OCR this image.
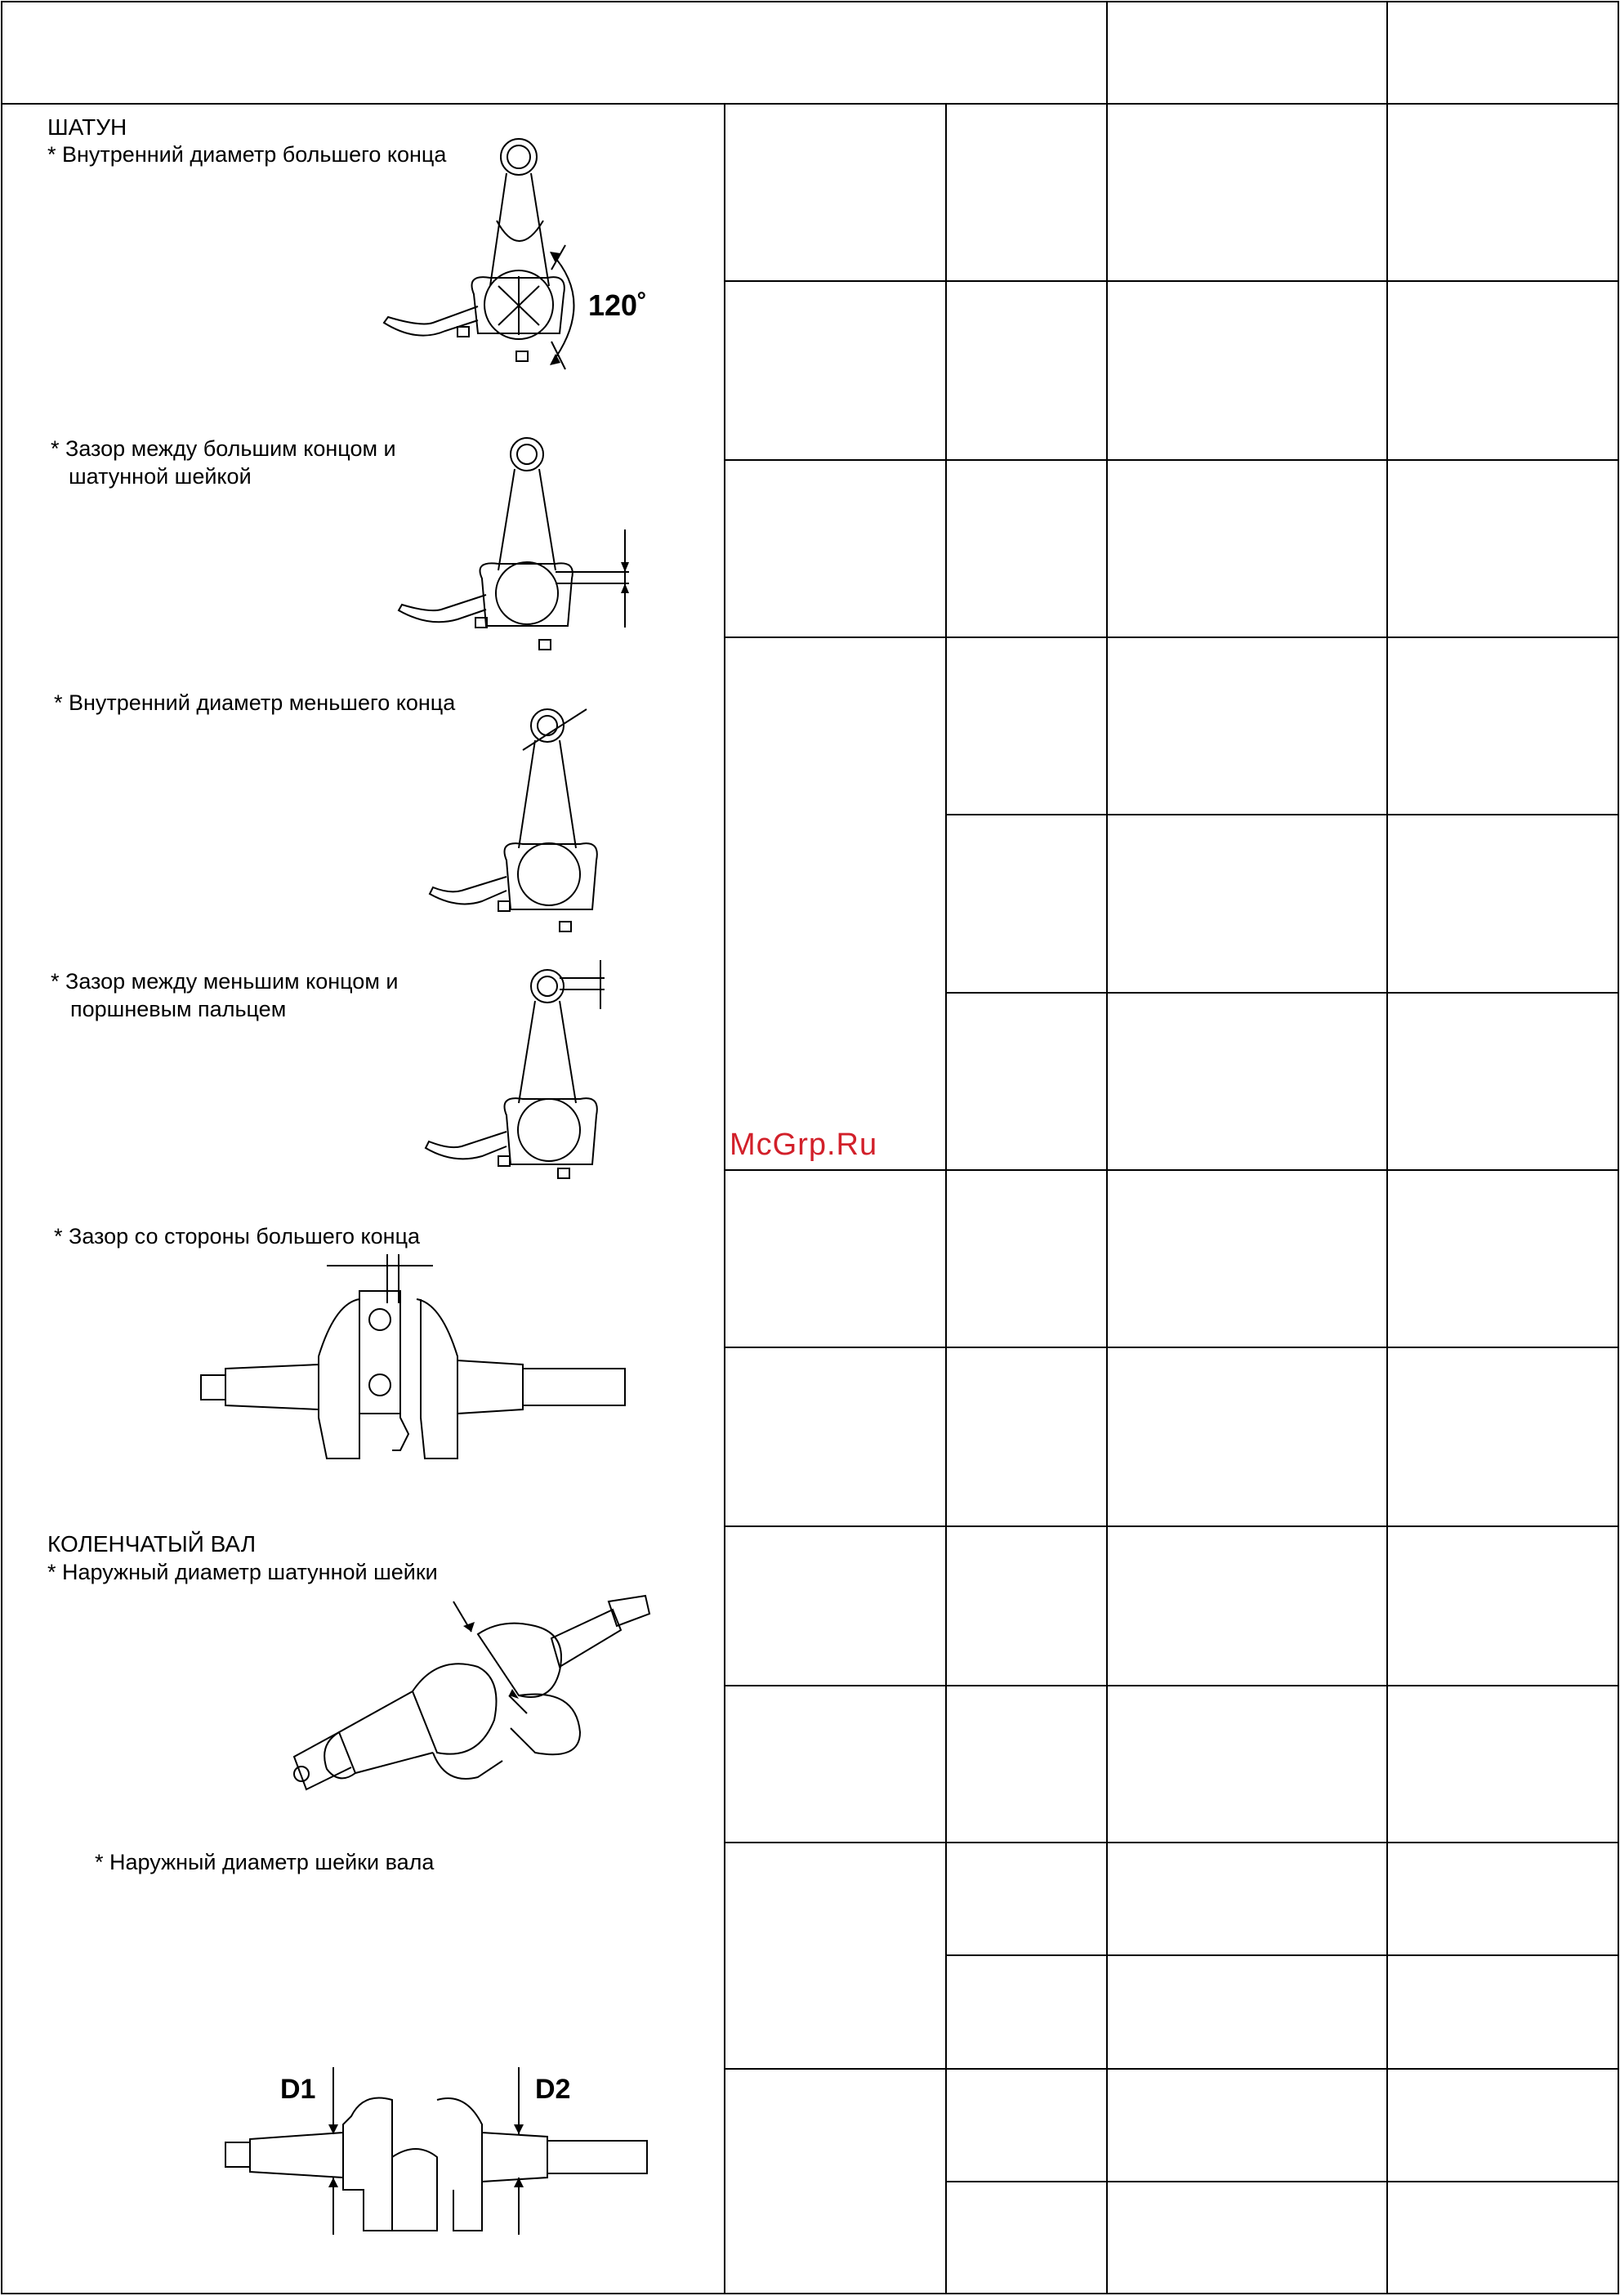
ШАТУН
* Внутренний диаметр большего конца
120˚
* Зазор между большим концом и
шатунной шейкой
* Внутренний диаметр меньшего конца
* Зазор между меньшим концом и
поршневым пальцем
* Зазор со стороны большего конца
КОЛЕНЧАТЫЙ ВАЛ
* Наружный диаметр шатунной шейки
* Наружный диаметр шейки вала
D1	D2
McGrp.Ru
